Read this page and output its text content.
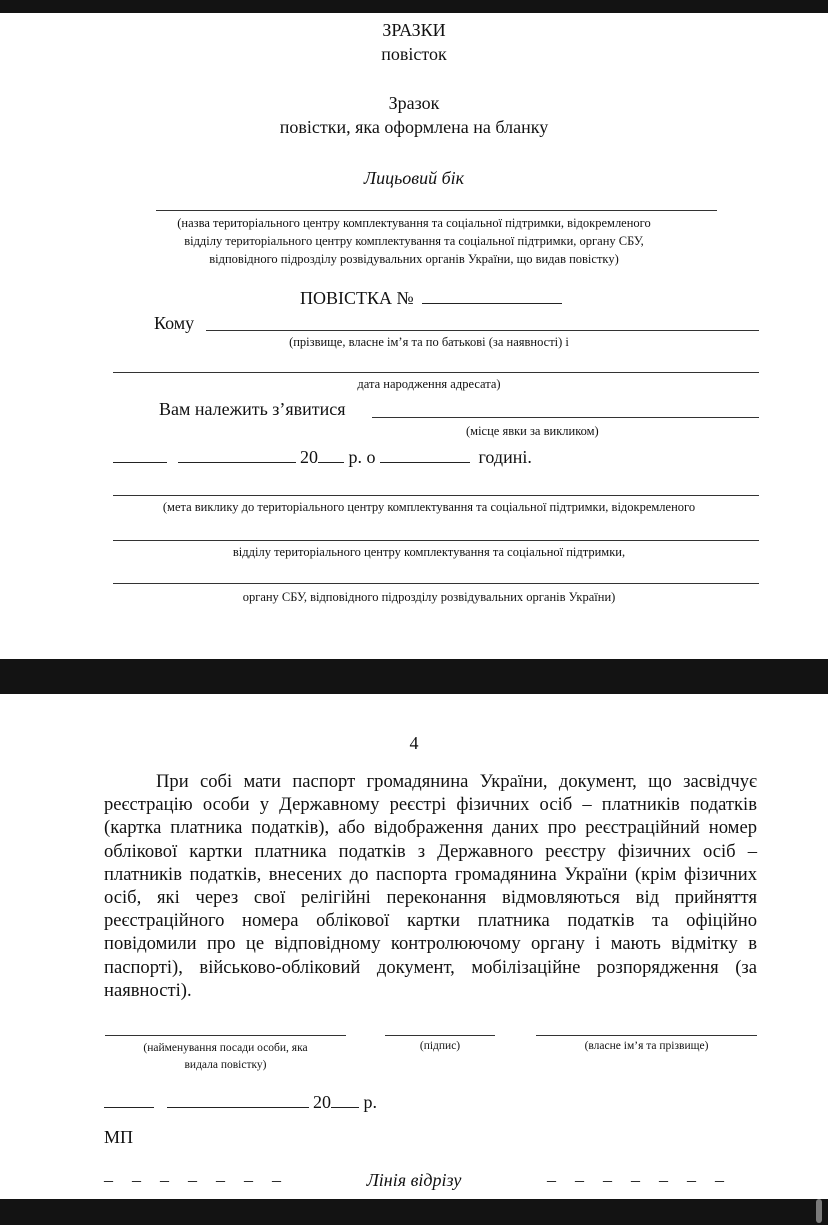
ЗРАЗКИ
повісток
Зразок
повістки, яка оформлена на бланку
Лицьовий бік
(назва територіального центру комплектування та соціальної підтримки, відокремленого
відділу територіального центру комплектування та соціальної підтримки, органу СБУ,
відповідного підрозділу розвідувальних органів України, що видав повістку)
ПОВІСТКА №
Кому
(прізвище, власне ім’я та по батькові (за наявності) і
дата народження адресата)
Вам належить з’явитися
(місце явки за викликом)
20 р. о	годині.
(мета виклику до територіального центру комплектування та соціальної підтримки, відокремленого
відділу територіального центру комплектування та соціальної підтримки,
органу СБУ, відповідного підрозділу розвідувальних органів України)
4
При собі мати паспорт громадянина України, документ, що засвідчує реєстрацію особи у Державному реєстрі фізичних осіб – платників податків (картка платника податків), або відображення даних про реєстраційний номер облікової картки платника податків з Державного реєстру фізичних осіб – платників податків, внесених до паспорта громадянина України (крім фізичних осіб, які через свої релігійні переконання відмовляються від прийняття реєстраційного номера облікової картки платника податків та офіційно повідомили про це відповідному контролюючому органу і мають відмітку в паспорті), військово-обліковий документ, мобілізаційне розпорядження (за наявності).
(найменування посади особи, яка
видала повістку)
(підпис)	(власне ім’я та прізвище)
20 р.
МП
– – – – – – –	Лінія відрізу	– – – – – – –
